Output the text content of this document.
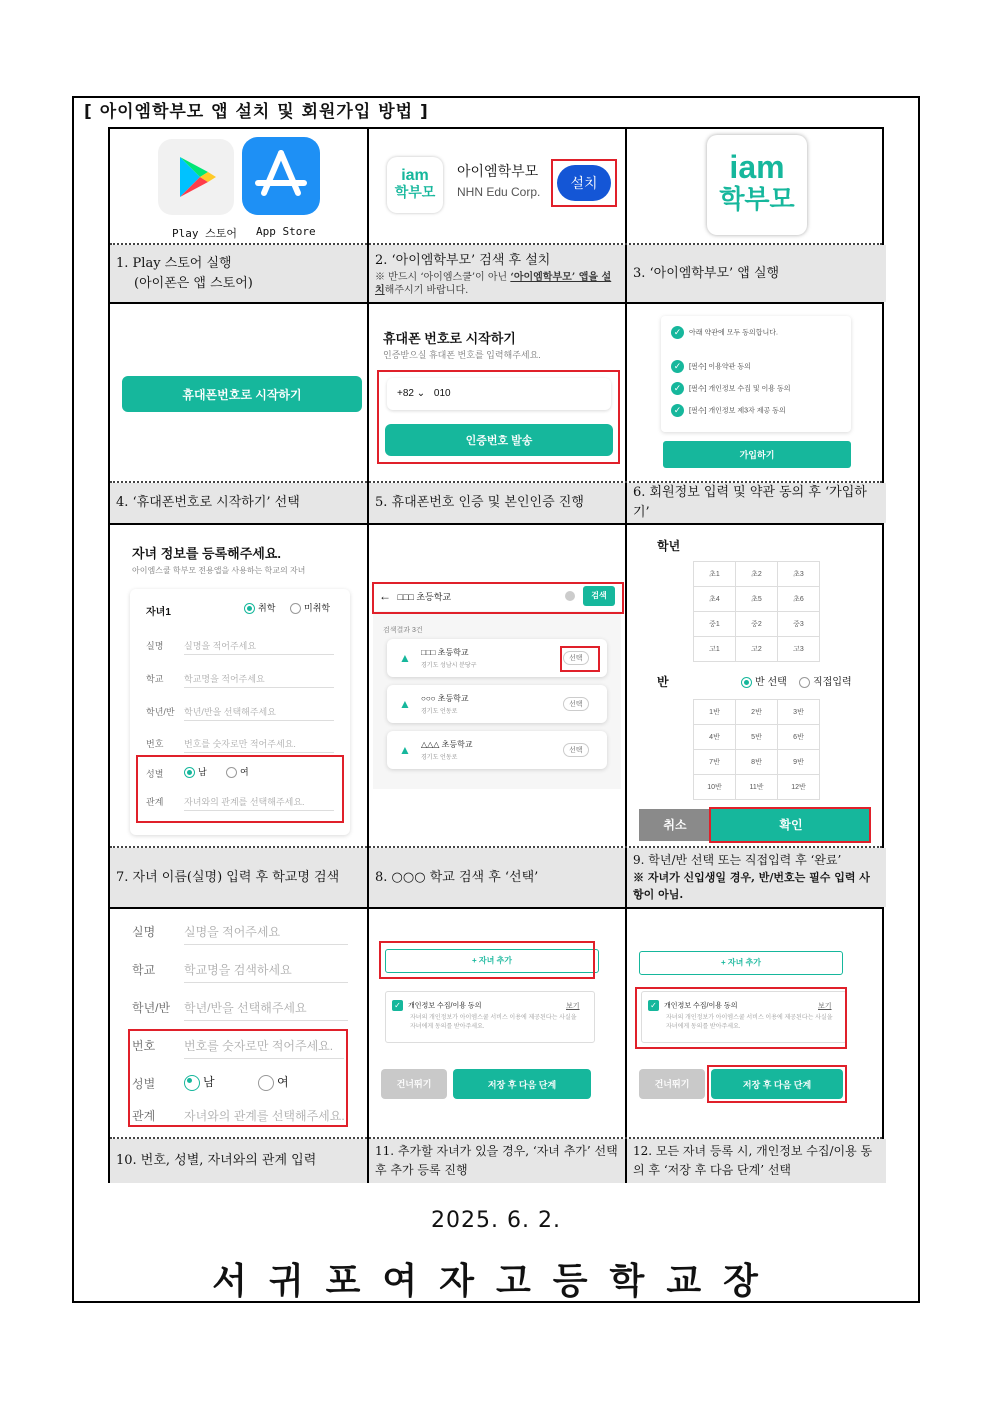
[ 아이엠학부모 앱 설치 및 회원가입 방법 ]
Play 스토어 App Store
iam
학부모
아이엠학부모
NHN Edu Corp.
설치	iam
학부모
1. Play 스토어 실행
(아이폰은 앱 스토어)
2. ‘아이엠학부모’ 검색 후 설치
※ 반드시 ‘아이엠스쿨’이 아닌 ‘아이엠학부모’ 앱을 설치해주시기 바랍니다.
3. ‘아이엠학부모’ 앱 실행
휴대폰번호로 시작하기
휴대폰 번호로 시작하기
인증받으실 휴대폰 번호를 입력해주세요.
+82 ⌄ 010
인증번호 발송
✓ 아래 약관에 모두 동의합니다.
✓ [필수] 이용약관 동의
✓ [필수] 개인정보 수집 및 이용 동의
✓ [필수] 개인정보 제3자 제공 동의
가입하기
4. ‘휴대폰번호로 시작하기’ 선택	5. 휴대폰번호 인증 및 본인인증 진행
6. 회원정보 입력 및 약관 동의 후 ‘가입하기’
자녀 정보를 등록해주세요.
아이엠스쿨 학부모 전용앱을 사용하는 학교의 자녀
자녀1	취학	미취학
실명 실명을 적어주세요
학교 학교명을 적어주세요
학년/반 학년/반을 선택해주세요
번호 번호를 숫자로만 적어주세요.
성별	남	여
관계 자녀와의 관계를 선택해주세요.
← □□□ 초등학교	검색
검색결과 3건
▲ □□□ 초등학교
경기도 성남시 분당구
선택
▲ ○○○ 초등학교
경기도 언동로
선택
▲ △△△ 초등학교
경기도 언동로
선택
학년
초1	초2	초3
초4	초5	초6
중1	중2	중3
고1	고2	고3
반	반 선택	직접입력
1반	2반	3반
4반	5반	6반
7반	8반	9반
10반	11반	12반
취소	확인
7. 자녀 이름(실명) 입력 후 학교명 검색	8. ○○○ 학교 검색 후 ‘선택’
9. 학년/반 선택 또는 직접입력 후 ‘완료’
※ 자녀가 신입생일 경우, 반/번호는 필수 입력 사항이 아님.
실명 실명을 적어주세요
학교 학교명을 검색하세요
학년/반 학년/반을 선택해주세요
번호 번호를 숫자로만 적어주세요.
성별	남	여
관계 자녀와의 관계를 선택해주세요.
+ 자녀 추가
✓ 개인정보 수집/이용 동의	보기
자녀의 개인정보가 아이엠스쿨 서비스 이용에 제공된다는 사실을 자녀에게 동의를 받아주세요.
건너뛰기	저장 후 다음 단계
+ 자녀 추가
✓ 개인정보 수집/이용 동의	보기
자녀의 개인정보가 아이엠스쿨 서비스 이용에 제공된다는 사실을 자녀에게 동의를 받아주세요.
건너뛰기	저장 후 다음 단계
10. 번호, 성별, 자녀와의 관계 입력
11. 추가할 자녀가 있을 경우, ‘자녀 추가’ 선택 후 추가 등록 진행
12. 모든 자녀 등록 시, 개인정보 수집/이용 동의 후 ‘저장 후 다음 단계’ 선택
2025. 6. 2.
서귀포여자고등학교장
